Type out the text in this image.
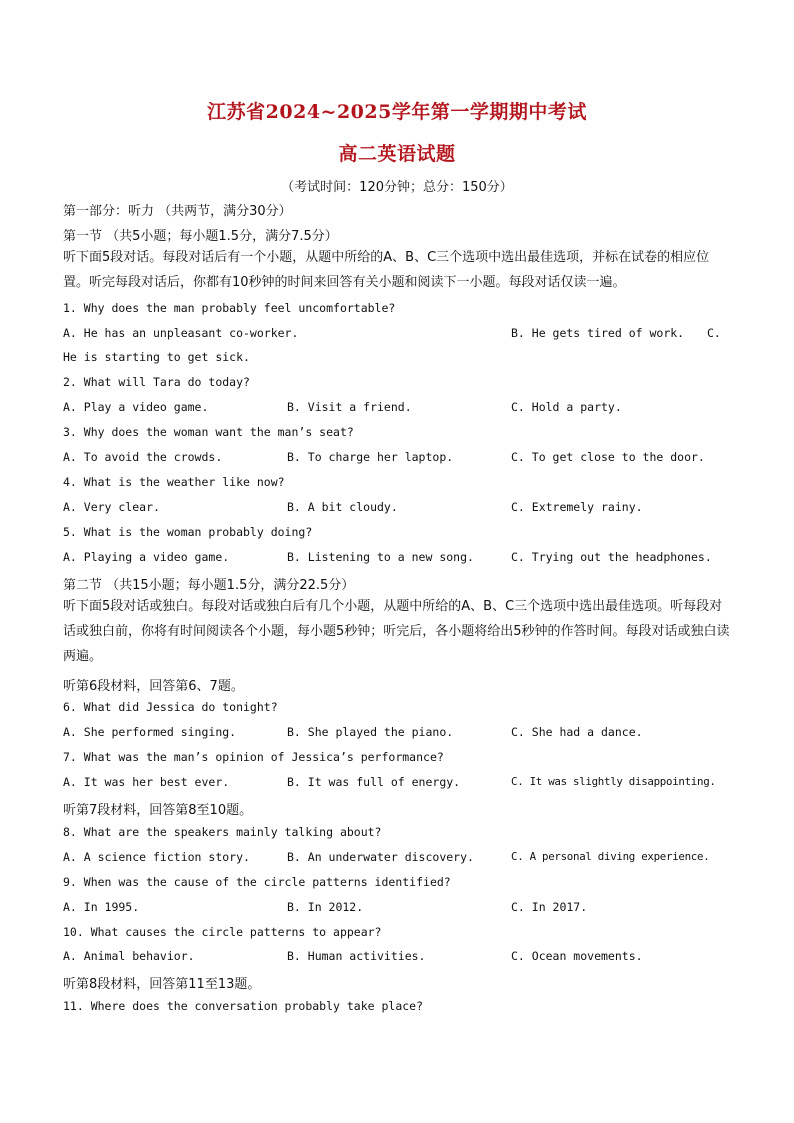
江苏省2024~2025学年第一学期期中考试
高二英语试题
（考试时间：120分钟；总分：150分）
第一部分：听力 （共两节，满分30分）
第一节 （共5小题；每小题1.5分，满分7.5分）
听下面5段对话。每段对话后有一个小题，从题中所给的A、B、C三个选项中选出最佳选项，并标在试卷的相应位置。听完每段对话后，你都有10秒钟的时间来回答有关小题和阅读下一小题。每段对话仅读一遍。
1. Why does the man probably feel uncomfortable?
A. He has an unpleasant co-worker.	B. He gets tired of work. C.
He is starting to get sick.
2. What will Tara do today?
A. Play a video game.	B. Visit a friend.	C. Hold a party.
3. Why does the woman want the man’s seat?
A. To avoid the crowds.	B. To charge her laptop.	C. To get close to the door.
4. What is the weather like now?
A. Very clear.	B. A bit cloudy.	C. Extremely rainy.
5. What is the woman probably doing?
A. Playing a video game.	B. Listening to a new song.	C. Trying out the headphones.
第二节 （共15小题；每小题1.5分，满分22.5分）
听下面5段对话或独白。每段对话或独白后有几个小题，从题中所给的A、B、C三个选项中选出最佳选项。听每段对话或独白前，你将有时间阅读各个小题，每小题5秒钟；听完后，各小题将给出5秒钟的作答时间。每段对话或独白读两遍。
听第6段材料，回答第6、7题。
6. What did Jessica do tonight?
A. She performed singing.	B. She played the piano.	C. She had a dance.
7. What was the man’s opinion of Jessica’s performance?
A. It was her best ever.	B. It was full of energy.	C. It was slightly disappointing.
听第7段材料，回答第8至10题。
8. What are the speakers mainly talking about?
A. A science fiction story.	B. An underwater discovery.	C. A personal diving experience.
9. When was the cause of the circle patterns identified?
A. In 1995.	B. In 2012.	C. In 2017.
10. What causes the circle patterns to appear?
A. Animal behavior.	B. Human activities.	C. Ocean movements.
听第8段材料，回答第11至13题。
11. Where does the conversation probably take place?
